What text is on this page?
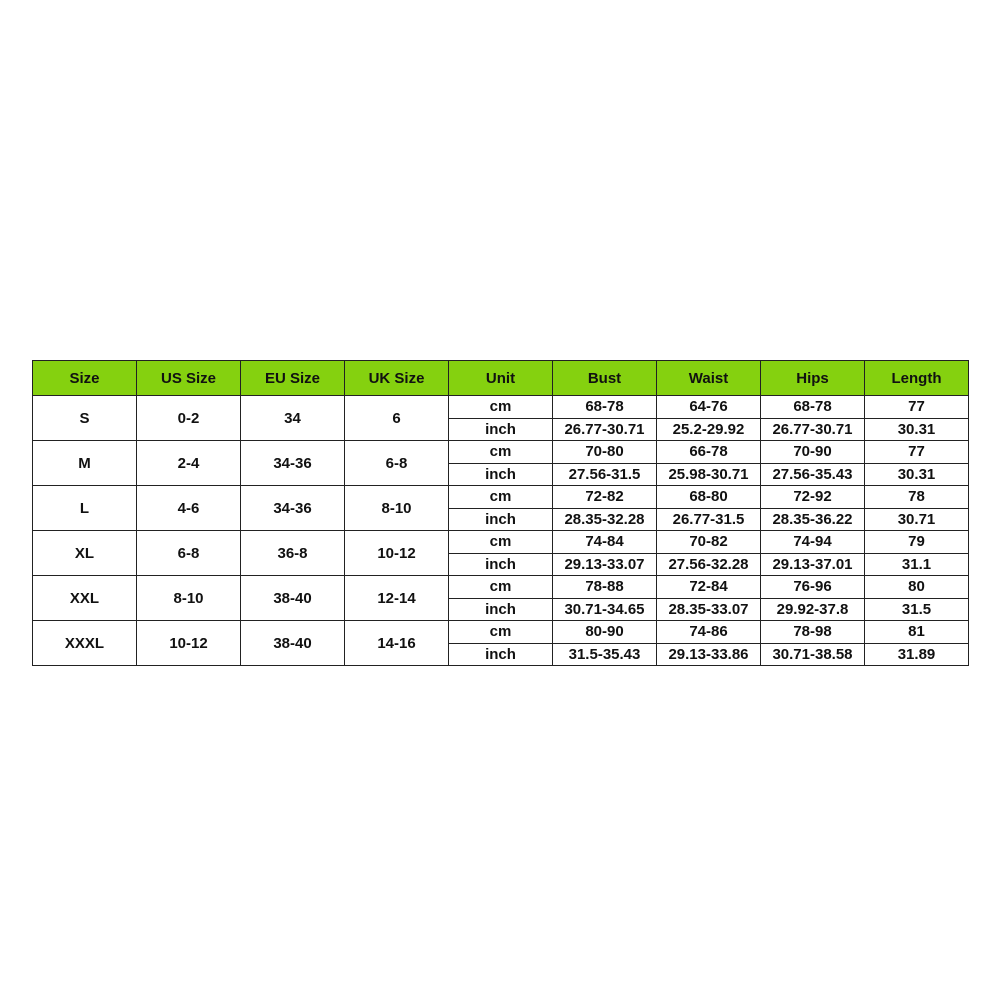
Size	US Size	EU Size	UK Size	Unit	Bust	Waist	Hips	Length
S	0-2	34	6	cm	68-78	64-76	68-78	77
				inch	26.77-30.71	25.2-29.92	26.77-30.71	30.31
M	2-4	34-36	6-8	cm	70-80	66-78	70-90	77
				inch	27.56-31.5	25.98-30.71	27.56-35.43	30.31
L	4-6	34-36	8-10	cm	72-82	68-80	72-92	78
				inch	28.35-32.28	26.77-31.5	28.35-36.22	30.71
XL	6-8	36-8	10-12	cm	74-84	70-82	74-94	79
				inch	29.13-33.07	27.56-32.28	29.13-37.01	31.1
XXL	8-10	38-40	12-14	cm	78-88	72-84	76-96	80
				inch	30.71-34.65	28.35-33.07	29.92-37.8	31.5
XXXL	10-12	38-40	14-16	cm	80-90	74-86	78-98	81
				inch	31.5-35.43	29.13-33.86	30.71-38.58	31.89
